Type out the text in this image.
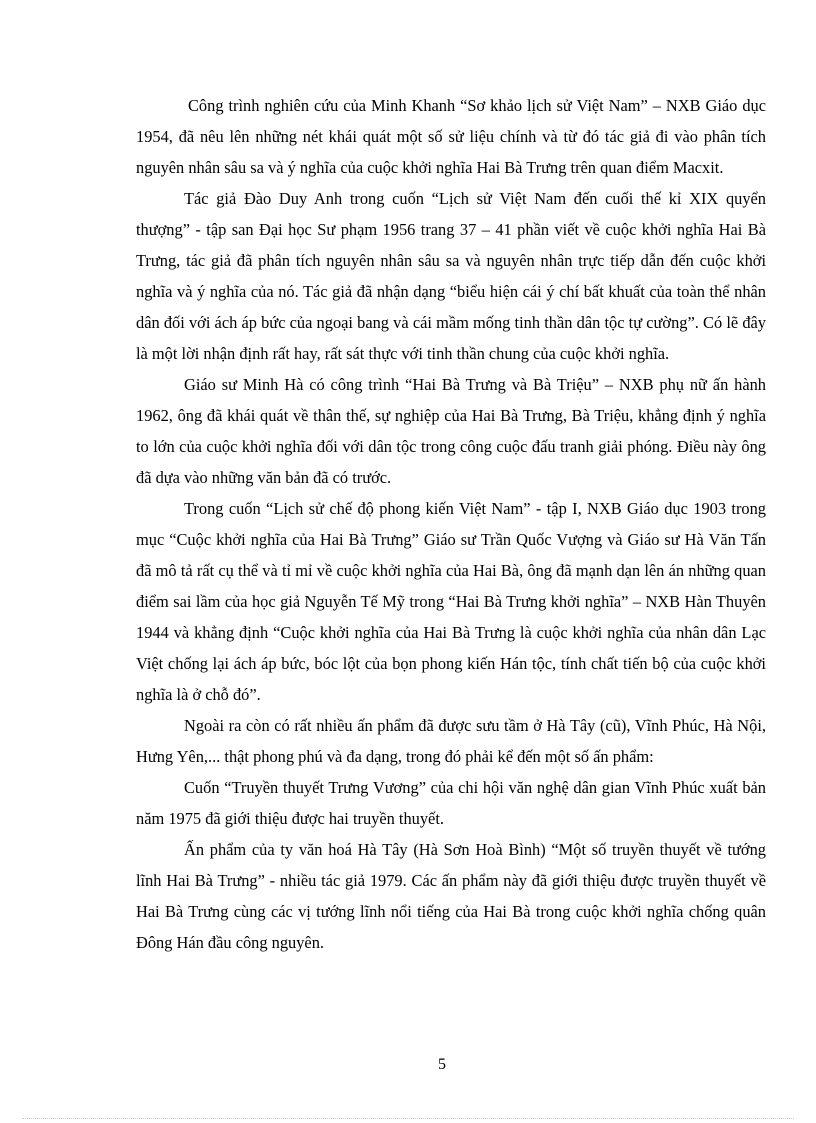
Công trình nghiên cứu của Minh Khanh “Sơ khảo lịch sử Việt Nam” – NXB Giáo dục 1954, đã nêu lên những nét khái quát một số sử liệu chính và từ đó tác giả đi vào phân tích nguyên nhân sâu sa và ý nghĩa của cuộc khởi nghĩa Hai Bà Trưng trên quan điểm Macxit.

Tác giả Đào Duy Anh trong cuốn “Lịch sử Việt Nam đến cuối thế kỉ XIX quyển thượng” - tập san Đại học Sư phạm 1956 trang 37 – 41 phần viết về cuộc khởi nghĩa Hai Bà Trưng, tác giả đã phân tích nguyên nhân sâu sa và nguyên nhân trực tiếp dẫn đến cuộc khởi nghĩa và ý nghĩa của nó. Tác giả đã nhận dạng “biểu hiện cái ý chí bất khuất của toàn thể nhân dân đối với ách áp bức của ngoại bang và cái mầm mống tinh thần dân tộc tự cường”. Có lẽ đây là một lời nhận định rất hay, rất sát thực với tinh thần chung của cuộc khởi nghĩa.

Giáo sư Minh Hà có công trình “Hai Bà Trưng và Bà Triệu” – NXB phụ nữ ấn hành 1962, ông đã khái quát về thân thế, sự nghiệp của Hai Bà Trưng, Bà Triệu, khẳng định ý nghĩa to lớn của cuộc khởi nghĩa đối với dân tộc trong công cuộc đấu tranh giải phóng. Điều này ông đã dựa vào những văn bản đã có trước.

Trong cuốn “Lịch sử chế độ phong kiến Việt Nam” - tập I, NXB Giáo dục 1903 trong mục “Cuộc khởi nghĩa của Hai Bà Trưng” Giáo sư Trần Quốc Vượng và Giáo sư Hà Văn Tấn đã mô tả rất cụ thể và tỉ mỉ về cuộc khởi nghĩa của Hai Bà, ông đã mạnh dạn lên án những quan điểm sai lầm của học giả Nguyễn Tế Mỹ trong “Hai Bà Trưng khởi nghĩa” – NXB Hàn Thuyên 1944 và khẳng định “Cuộc khởi nghĩa của Hai Bà Trưng là cuộc khởi nghĩa của nhân dân Lạc Việt chống lại ách áp bức, bóc lột của bọn phong kiến Hán tộc, tính chất tiến bộ của cuộc khởi nghĩa là ở chỗ đó”.

Ngoài ra còn có rất nhiều ấn phẩm đã được sưu tầm ở Hà Tây (cũ), Vĩnh Phúc, Hà Nội, Hưng Yên,... thật phong phú và đa dạng, trong đó phải kể đến một số ấn phẩm:

Cuốn “Truyền thuyết Trưng Vương” của chi hội văn nghệ dân gian Vĩnh Phúc xuất bản năm 1975 đã giới thiệu được hai truyền thuyết.

Ấn phẩm của ty văn hoá Hà Tây (Hà Sơn Hoà Bình) “Một số truyền thuyết về tướng lĩnh Hai Bà Trưng” - nhiều tác giả 1979. Các ấn phẩm này đã giới thiệu được truyền thuyết về Hai Bà Trưng cùng các vị tướng lĩnh nổi tiếng của Hai Bà trong cuộc khởi nghĩa chống quân Đông Hán đầu công nguyên.

5
